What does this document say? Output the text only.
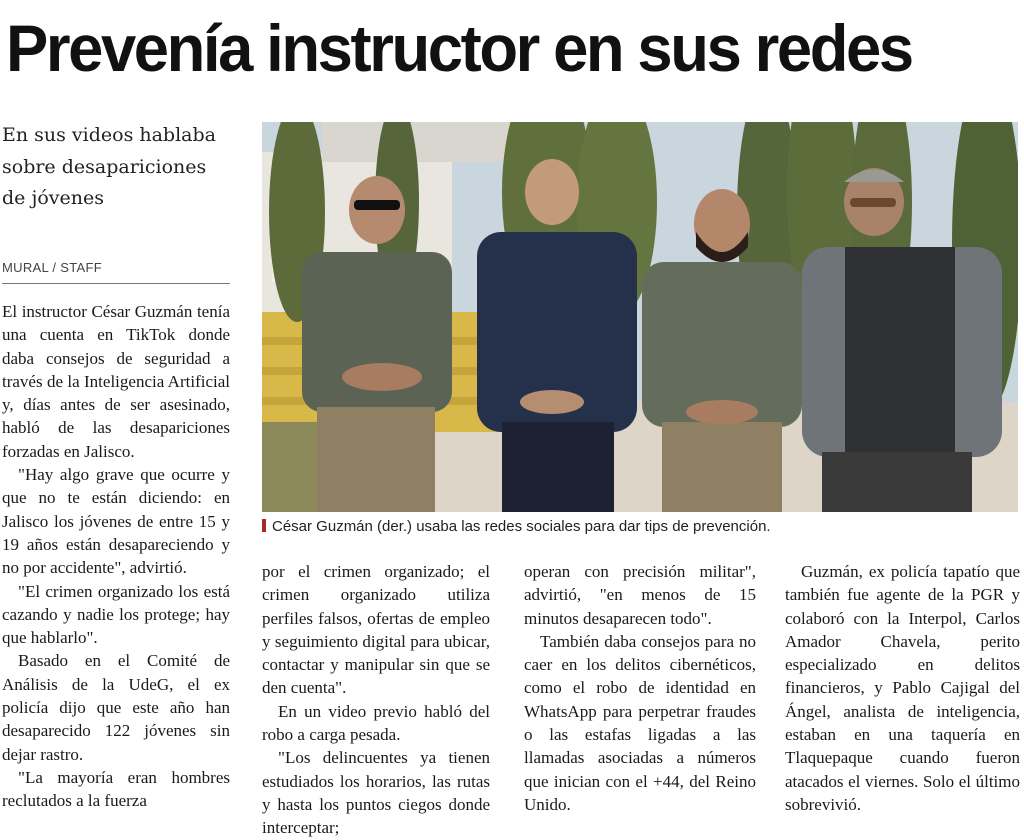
Prevenía instructor en sus redes
En sus videos hablaba sobre desapariciones de jóvenes
MURAL / STAFF

El instructor César Guzmán tenía una cuenta en TikTok donde daba consejos de seguridad a través de la Inteligencia Artificial y, días antes de ser asesinado, habló de las desapariciones forzadas en Jalisco.

"Hay algo grave que ocurre y que no te están diciendo: en Jalisco los jóvenes de entre 15 y 19 años están desapareciendo y no por accidente", advirtió.

"El crimen organizado los está cazando y nadie los protege; hay que hablarlo".

Basado en el Comité de Análisis de la UdeG, el ex policía dijo que este año han desaparecido 122 jóvenes sin dejar rastro.

"La mayoría eran hombres reclutados a la fuerza

César Guzmán (der.) usaba las redes sociales para dar tips de prevención.

por el crimen organizado; el crimen organizado utiliza perfiles falsos, ofertas de empleo y seguimiento digital para ubicar, contactar y manipular sin que se den cuenta".

En un video previo habló del robo a carga pesada.

"Los delincuentes ya tienen estudiados los horarios, las rutas y hasta los puntos ciegos donde interceptar;

operan con precisión militar", advirtió, "en menos de 15 minutos desaparecen todo".

También daba consejos para no caer en los delitos cibernéticos, como el robo de identidad en WhatsApp para perpetrar fraudes o las estafas ligadas a las llamadas asociadas a números que inician con el +44, del Reino Unido.

Guzmán, ex policía tapatío que también fue agente de la PGR y colaboró con la Interpol, Carlos Amador Chavela, perito especializado en delitos financieros, y Pablo Cajigal del Ángel, analista de inteligencia, estaban en una taquería en Tlaquepaque cuando fueron atacados el viernes. Solo el último sobrevivió.
